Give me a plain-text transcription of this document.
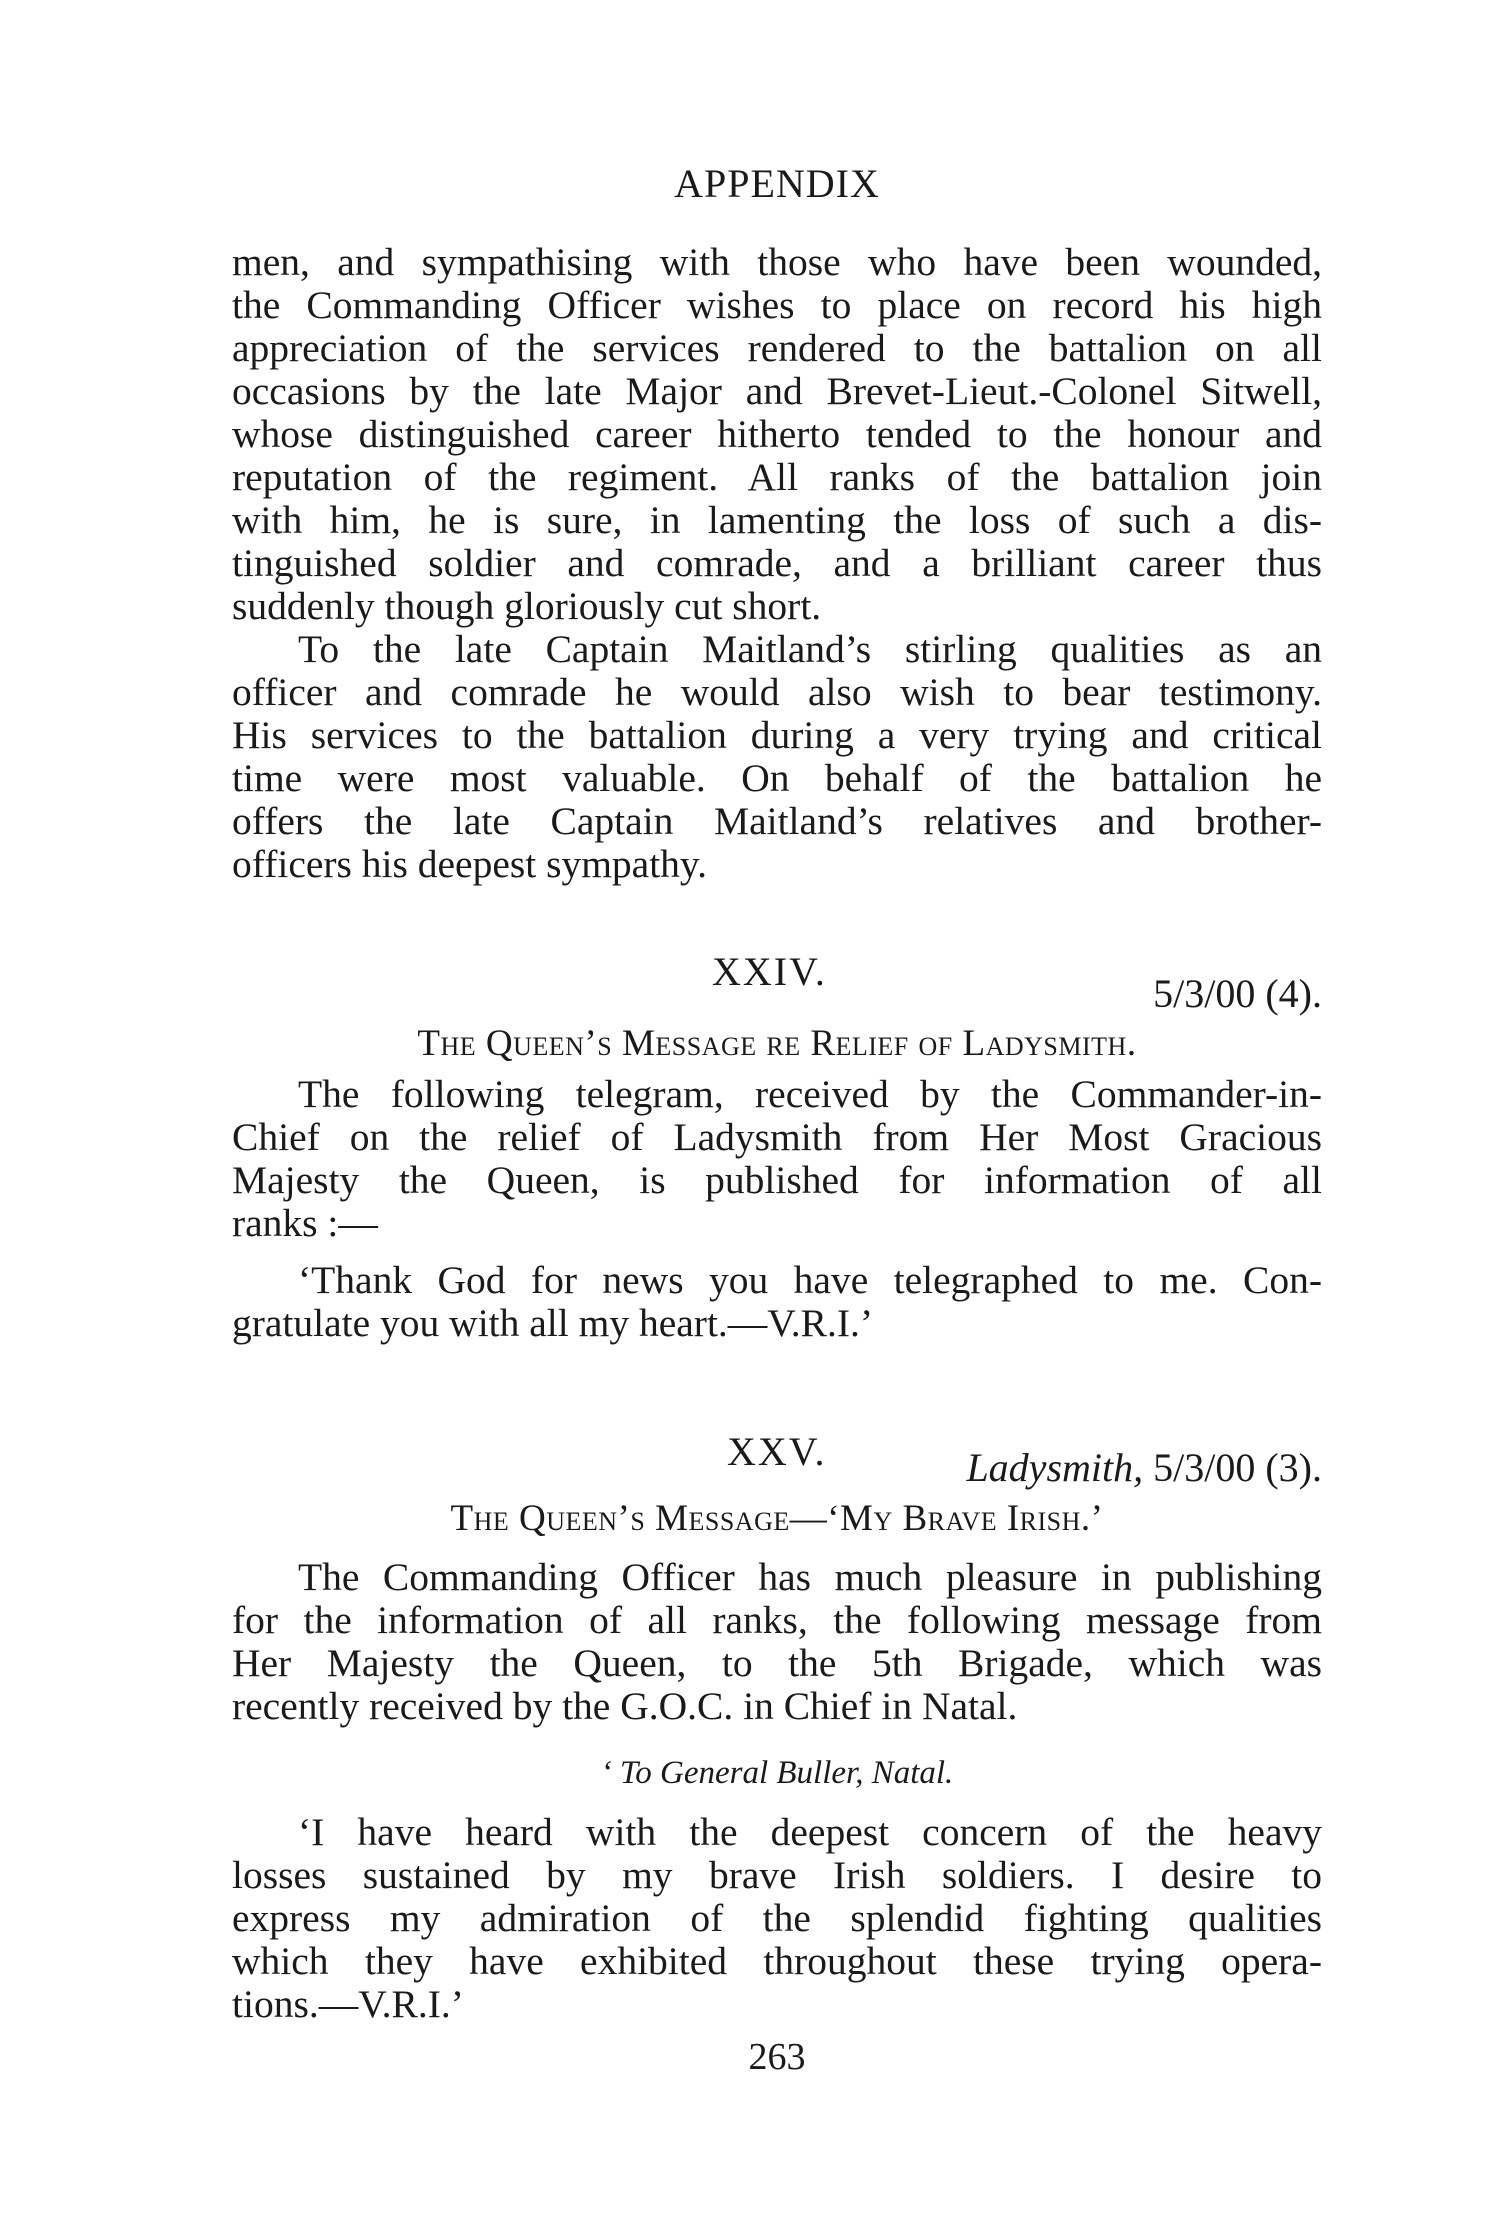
APPENDIX
men, and sympathising with those who have been wounded,
the Commanding Officer wishes to place on record his high
appreciation of the services rendered to the battalion on all
occasions by the late Major and Brevet-Lieut.-Colonel Sitwell,
whose distinguished career hitherto tended to the honour and
reputation of the regiment. All ranks of the battalion join
with him, he is sure, in lamenting the loss of such a dis-
tinguished soldier and comrade, and a brilliant career thus
suddenly though gloriously cut short.
To the late Captain Maitland’s stirling qualities as an
officer and comrade he would also wish to bear testimony.
His services to the battalion during a very trying and critical
time were most valuable. On behalf of the battalion he
offers the late Captain Maitland’s relatives and brother-
officers his deepest sympathy.
XXIV.	5/3/00 (4).
The Queen’s Message re Relief of Ladysmith.
The following telegram, received by the Commander-in-
Chief on the relief of Ladysmith from Her Most Gracious
Majesty the Queen, is published for information of all
ranks :—
‘Thank God for news you have telegraphed to me. Con-
gratulate you with all my heart.—V.R.I.’
XXV.	Ladysmith, 5/3/00 (3).
The Queen’s Message—‘My Brave Irish.’
The Commanding Officer has much pleasure in publishing
for the information of all ranks, the following message from
Her Majesty the Queen, to the 5th Brigade, which was
recently received by the G.O.C. in Chief in Natal.
‘ To General Buller, Natal.
‘I have heard with the deepest concern of the heavy
losses sustained by my brave Irish soldiers. I desire to
express my admiration of the splendid fighting qualities
which they have exhibited throughout these trying opera-
tions.—V.R.I.’
263
